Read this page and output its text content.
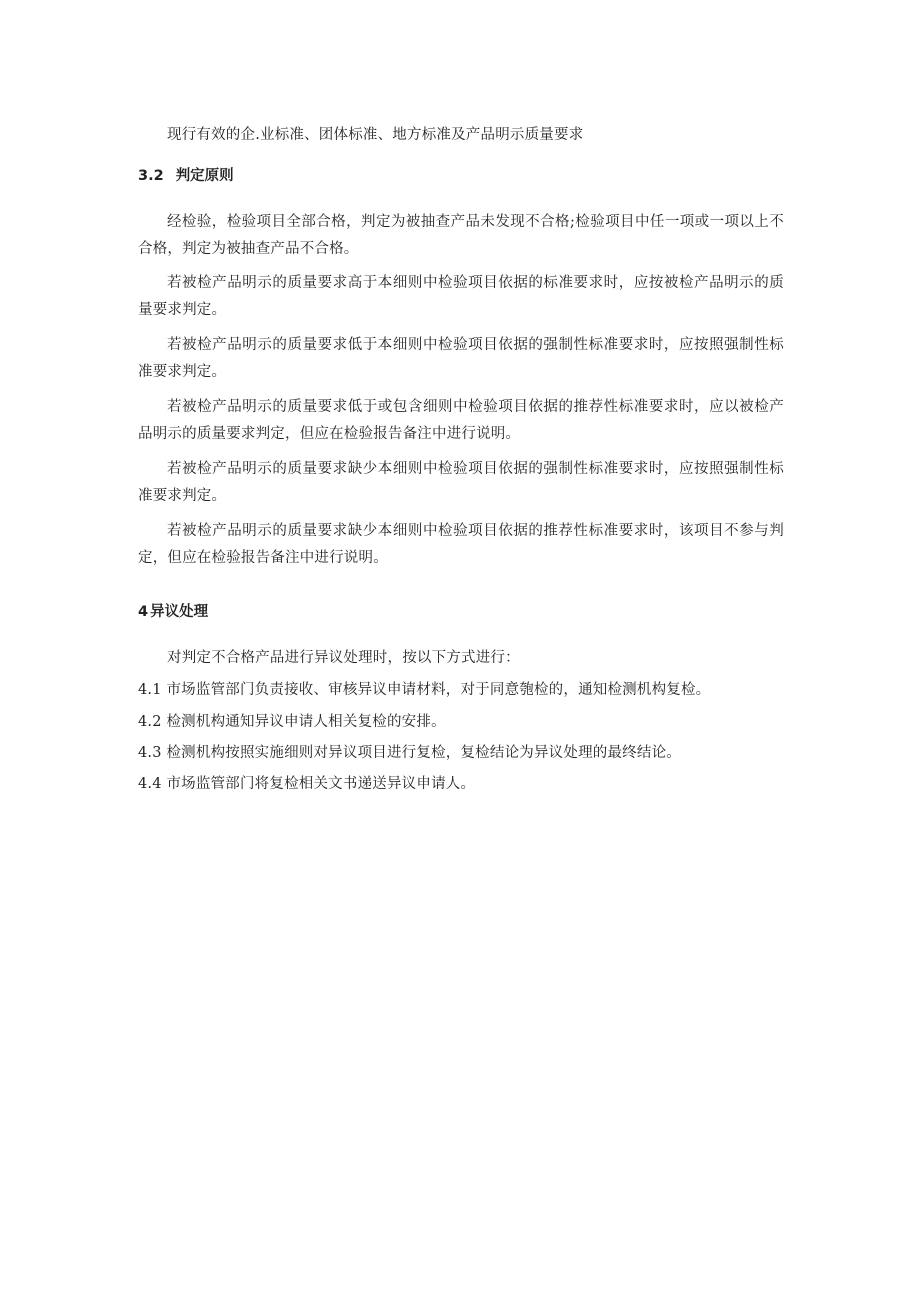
现行有效的企.业标准、团体标准、地方标准及产品明示质量要求

3.2 判定原则

经检验，检验项目全部合格，判定为被抽查产品未发现不合格;检验项目中任一项或一项以上不合格，判定为被抽查产品不合格。

若被检产品明示的质量要求高于本细则中检验项目依据的标准要求时，应按被检产品明示的质量要求判定。

若被检产品明示的质量要求低于本细则中检验项目依据的强制性标准要求时，应按照强制性标准要求判定。

若被检产品明示的质量要求低于或包含细则中检验项目依据的推荐性标准要求时，应以被检产品明示的质量要求判定，但应在检验报告备注中进行说明。

若被检产品明示的质量要求缺少本细则中检验项目依据的强制性标准要求时，应按照强制性标准要求判定。

若被检产品明示的质量要求缺少本细则中检验项目依据的推荐性标准要求时，该项目不参与判定，但应在检验报告备注中进行说明。

4 异议处理

对判定不合格产品进行异议处理时，按以下方式进行：

4.1 市场监管部门负责接收、审核异议申请材料，对于同意匏检的，通知检测机构复检。

4.2 检测机构通知异议申请人相关复检的安排。

4.3 检测机构按照实施细则对异议项目进行复检，复检结论为异议处理的最终结论。

4.4 市场监管部门将复检相关文书递送异议申请人。
